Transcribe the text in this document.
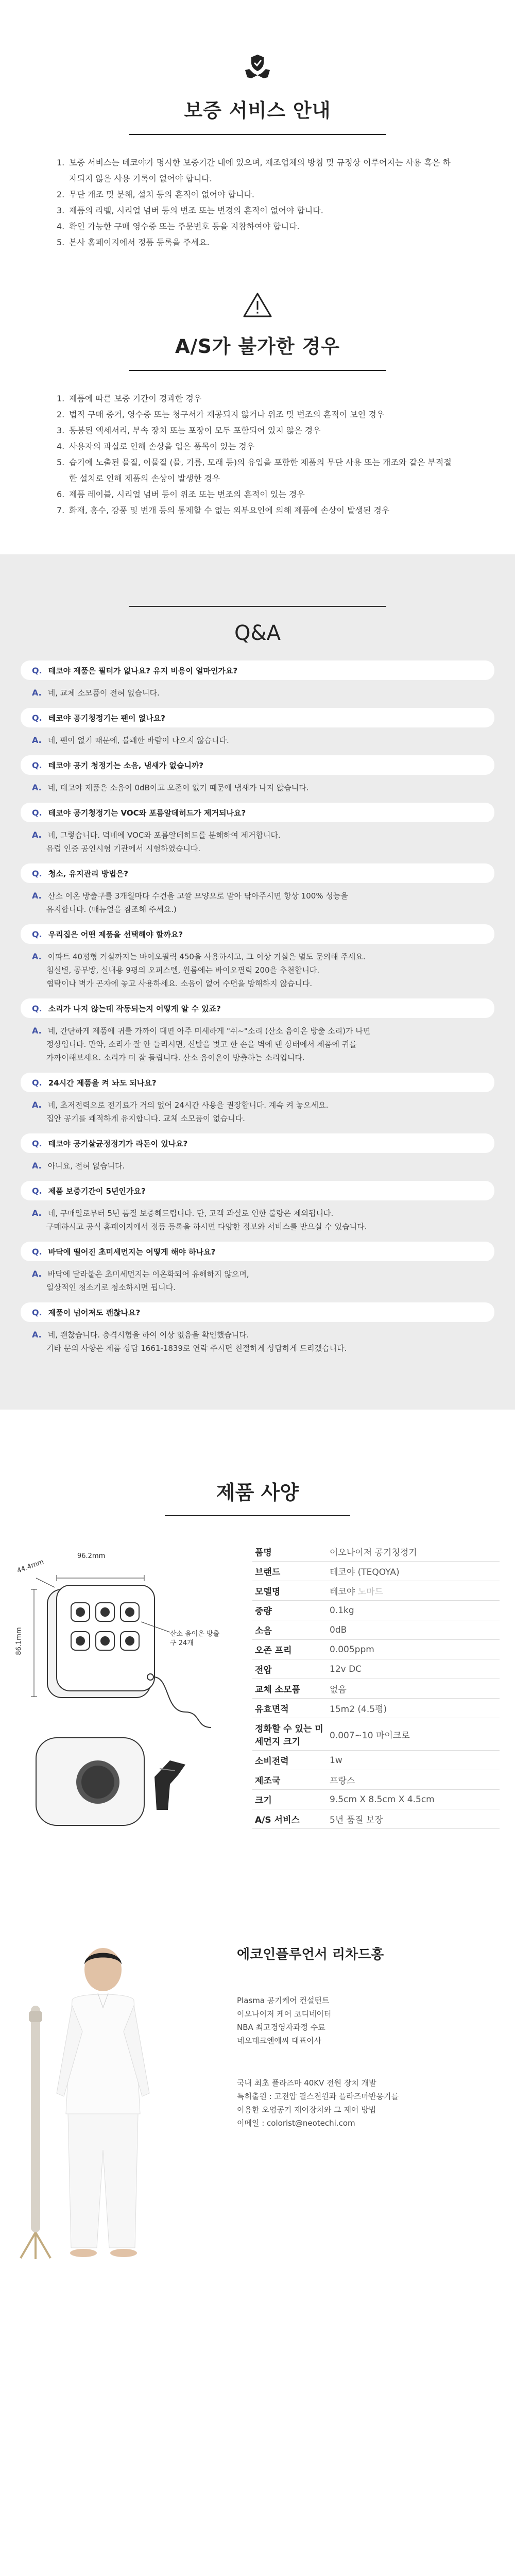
보증 서비스 안내
1. 보증 서비스는 테코야가 명시한 보증기간 내에 있으며, 제조업체의 방침 및 규정상 이루어지는 사용 혹은 하자되지 않은 사용 기록이 없어야 합니다.
2. 무단 개조 및 분해, 설치 등의 흔적이 없어야 합니다.
3. 제품의 라벨, 시리얼 넘버 등의 변조 또는 변경의 흔적이 없어야 합니다.
4. 확인 가능한 구매 영수증 또는 주문번호 등을 지참하여야 합니다.
5. 본사 홈페이지에서 정품 등록을 주세요.
A/S가 불가한 경우
1. 제품에 따른 보증 기간이 경과한 경우
2. 법적 구매 증거, 영수증 또는 청구서가 제공되지 않거나 위조 및 변조의 흔적이 보인 경우
3. 동봉된 액세서리, 부속 장치 또는 포장이 모두 포함되어 있지 않은 경우
4. 사용자의 과실로 인해 손상을 입은 품목이 있는 경우
5. 습기에 노출된 물질, 이물질 (물, 기름, 모래 등)의 유입을 포함한 제품의 무단 사용 또는 개조와 같은 부적절한 설치로 인해 제품의 손상이 발생한 경우
6. 제품 레이블, 시리얼 넘버 등이 위조 또는 변조의 흔적이 있는 경우
7. 화재, 홍수, 강풍 및 번개 등의 통제할 수 없는 외부요인에 의해 제품에 손상이 발생된 경우
Q&A
Q. 테코야 제품은 필터가 없나요? 유지 비용이 얼마인가요?
A. 네, 교체 소모품이 전혀 없습니다.
Q. 테코야 공기청정기는 팬이 없나요?
A. 네, 팬이 없기 때문에, 불쾌한 바람이 나오지 않습니다.
Q. 테코야 공기 청정기는 소음, 냄새가 없습니까?
A. 네, 테코야 제품은 소음이 0dB이고 오존이 없기 때문에 냄새가 나지 않습니다.
Q. 테코야 공기청정기는 VOC와 포름알데히드가 제거되나요?
A. 네, 그렇습니다. 덕네에 VOC와 포름알데히드를 분해하여 제거합니다.
유럽 인증 공인시험 기관에서 시험하였습니다.
Q. 청소, 유지관리 방법은?
A. 산소 이온 방출구를 3개월마다 수건을 고깔 모양으로 말아 닦아주시면 항상 100% 성능을
유지합니다. (매뉴얼을 참조해 주세요.)
Q. 우리집은 어떤 제품을 선택해야 할까요?
A. 이파트 40평형 거실까지는 바이오필릭 450을 사용하시고, 그 이상 거실은 별도 문의해 주세요.
침실별, 공부방, 실내용 9평의 오피스텔, 원룸에는 바이오필릭 200을 추천합니다.
협탁이나 벽가 곤자에 놓고 사용하세요. 소음이 없어 수면을 방해하지 않습니다.
Q. 소리가 나지 않는데 작동되는지 어떻게 알 수 있죠?
A. 네, 간단하게 제품에 귀를 가까이 대면 아주 미세하게 "쉬~"소리 (산소 음이온 방출 소리)가 나면
정상입니다. 만약, 소리가 잘 안 들리시면, 신발을 벗고 한 손을 벽에 댄 상태에서 제품에 귀를
가까이해보세요. 소리가 더 잘 들립니다. 산소 음이온이 방출하는 소리입니다.
Q. 24시간 제품을 켜 놔도 되나요?
A. 네, 초저전력으로 전기료가 거의 없어 24시간 사용을 권장합니다. 계속 켜 놓으세요.
집안 공기를 쾌적하게 유지합니다. 교체 소모품이 없습니다.
Q. 테코야 공기살균정정기가 라돈이 있나요?
A. 아니요, 전혀 없습니다.
Q. 제품 보증기간이 5년인가요?
A. 네, 구매일로부터 5년 품질 보증해드립니다. 단, 고객 과실로 인한 불량은 제외됩니다.
구매하시고 공식 홈페이지에서 정품 등록을 하시면 다양한 정보와 서비스를 받으실 수 있습니다.
Q. 바닥에 떨어진 초미세먼지는 어떻게 해야 하나요?
A. 바닥에 달라붙은 초미세먼지는 이온화되어 유해하지 않으며,
일상적인 청소기로 청소하시면 됩니다.
Q. 제품이 넘어져도 괜찮나요?
A. 네, 괜찮습니다. 충격시험을 하여 이상 없음을 확인했습니다.
기타 문의 사항은 제품 상담 1661-1839로 연락 주시면 친절하게 상담하게 드리겠습니다.
제품 사양
96.2mm
44.4mm
86.1mm	산소 음이온 방출구 24개
품명	이오나이저 공기청정기
브랜드	테코야 (TEQOYA)
모델명	테코야 노마드
중량	0.1kg
소음	0dB
오존 프리	0.005ppm
전압	12v DC
교체 소모품	없음
유효면적	15m2 (4.5평)
정화할 수 있는 미세먼지 크기
0.007~10 마이크로
소비전력	1w
제조국	프랑스
크기	9.5cm X 8.5cm X 4.5cm
A/S 서비스	5년 품질 보장
에코인플루언서 리차드홍
Plasma 공기케어 컨설턴트
이오나이저 케어 코디네이터
NBA 최고경영자과정 수료
네오테크엔에씨 대표이사
국내 최초 플라즈마 40KV 전원 장치 개발
특허출원 : 고전압 필스전원과 플라즈마반응기를
이용한 오염공기 재어장치와 그 제어 방법
이메일 : colorist@neotechi.com
